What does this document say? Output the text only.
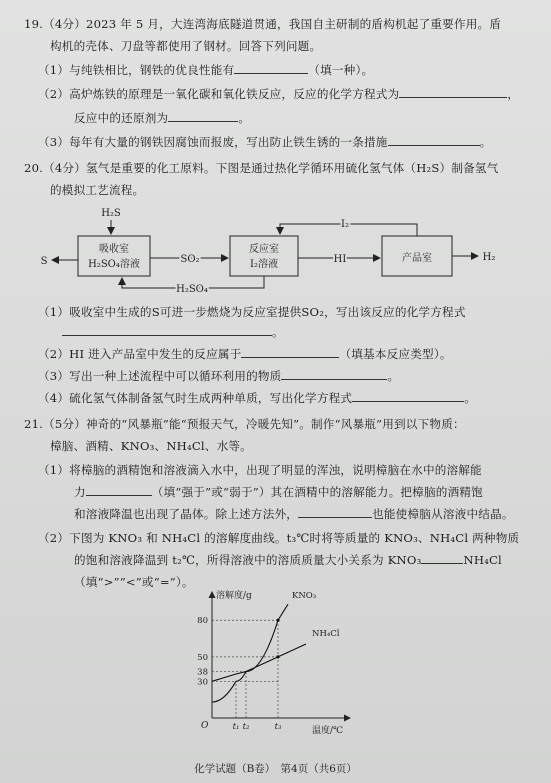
19.（4分）2023 年 5 月，大连湾海底隧道贯通，我国自主研制的盾构机起了重要作用。盾
构机的壳体、刀盘等都使用了钢材。回答下列问题。
（1）与纯铁相比，钢铁的优良性能有	（填一种）。
（2）高炉炼铁的原理是一氧化碳和氧化铁反应，反应的化学方程式为	，
反应中的还原剂为	。
（3）每年有大量的钢铁因腐蚀而报废，写出防止铁生锈的一条措施	。
20.（4分）氢气是重要的化工原料。下图是通过热化学循环用硫化氢气体（H₂S）制备氢气
的模拟工艺流程。
H₂S
吸收室
H₂SO₄溶液
S	SO₂
反应室
I₂溶液	HI	产品室	H₂
I₂
H₂SO₄
（1）吸收室中生成的S可进一步燃烧为反应室提供SO₂，写出该反应的化学方程式
。
（2）HI 进入产品室中发生的反应属于	（填基本反应类型）。
（3）写出一种上述流程中可以循环利用的物质	。
（4）硫化氢气体制备氢气时生成两种单质，写出化学方程式	。
21.（5分）神奇的“风暴瓶”能“预报天气，冷暖先知”。制作“风暴瓶”用到以下物质：
樟脑、酒精、KNO₃、NH₄Cl、水等。
（1）将樟脑的酒精饱和溶液滴入水中，出现了明显的浑浊，说明樟脑在水中的溶解能
力	（填“强于”或“弱于”）其在酒精中的溶解能力。把樟脑的酒精饱
和溶液降温也出现了晶体。除上述方法外，	也能使樟脑从溶液中结晶。
（2）下图为 KNO₃ 和 NH₄Cl 的溶解度曲线。t₃℃时将等质量的 KNO₃、NH₄Cl 两种物质
的饱和溶液降温到 t₂℃，所得溶液中的溶质质量大小关系为 KNO₃	NH₄Cl
（填“>”“<”或“=”）。
溶解度/g
温度/℃
O
30
38
50
80
t₁ t₂	t₃
KNO₃
NH₄Cl
化学试题（B卷）　第4页（共6页）
